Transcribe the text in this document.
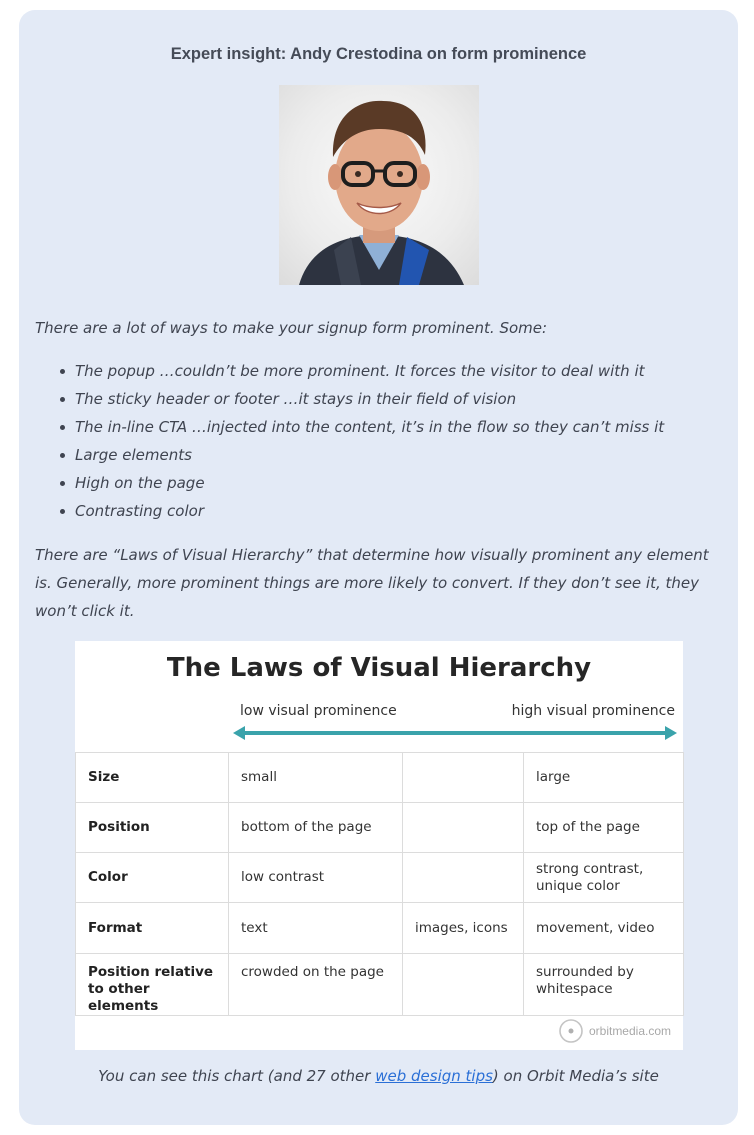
Expert insight: Andy Crestodina on form prominence
There are a lot of ways to make your signup form prominent. Some:
The popup …couldn’t be more prominent. It forces the visitor to deal with it
The sticky header or footer …it stays in their field of vision
The in-line CTA …injected into the content, it’s in the flow so they can’t miss it
Large elements
High on the page
Contrasting color
There are “Laws of Visual Hierarchy” that determine how visually prominent any element is. Generally, more prominent things are more likely to convert. If they don’t see it, they won’t click it.
The Laws of Visual Hierarchy
low visual prominence	high visual prominence
Size	small		large
Position	bottom of the page		top of the page
Color	low contrast		strong contrast, unique color
Format	text	images, icons	movement, video
Position relative to other elements	crowded on the page		surrounded by whitespace
orbitmedia.com
You can see this chart (and 27 other web design tips) on Orbit Media’s site
